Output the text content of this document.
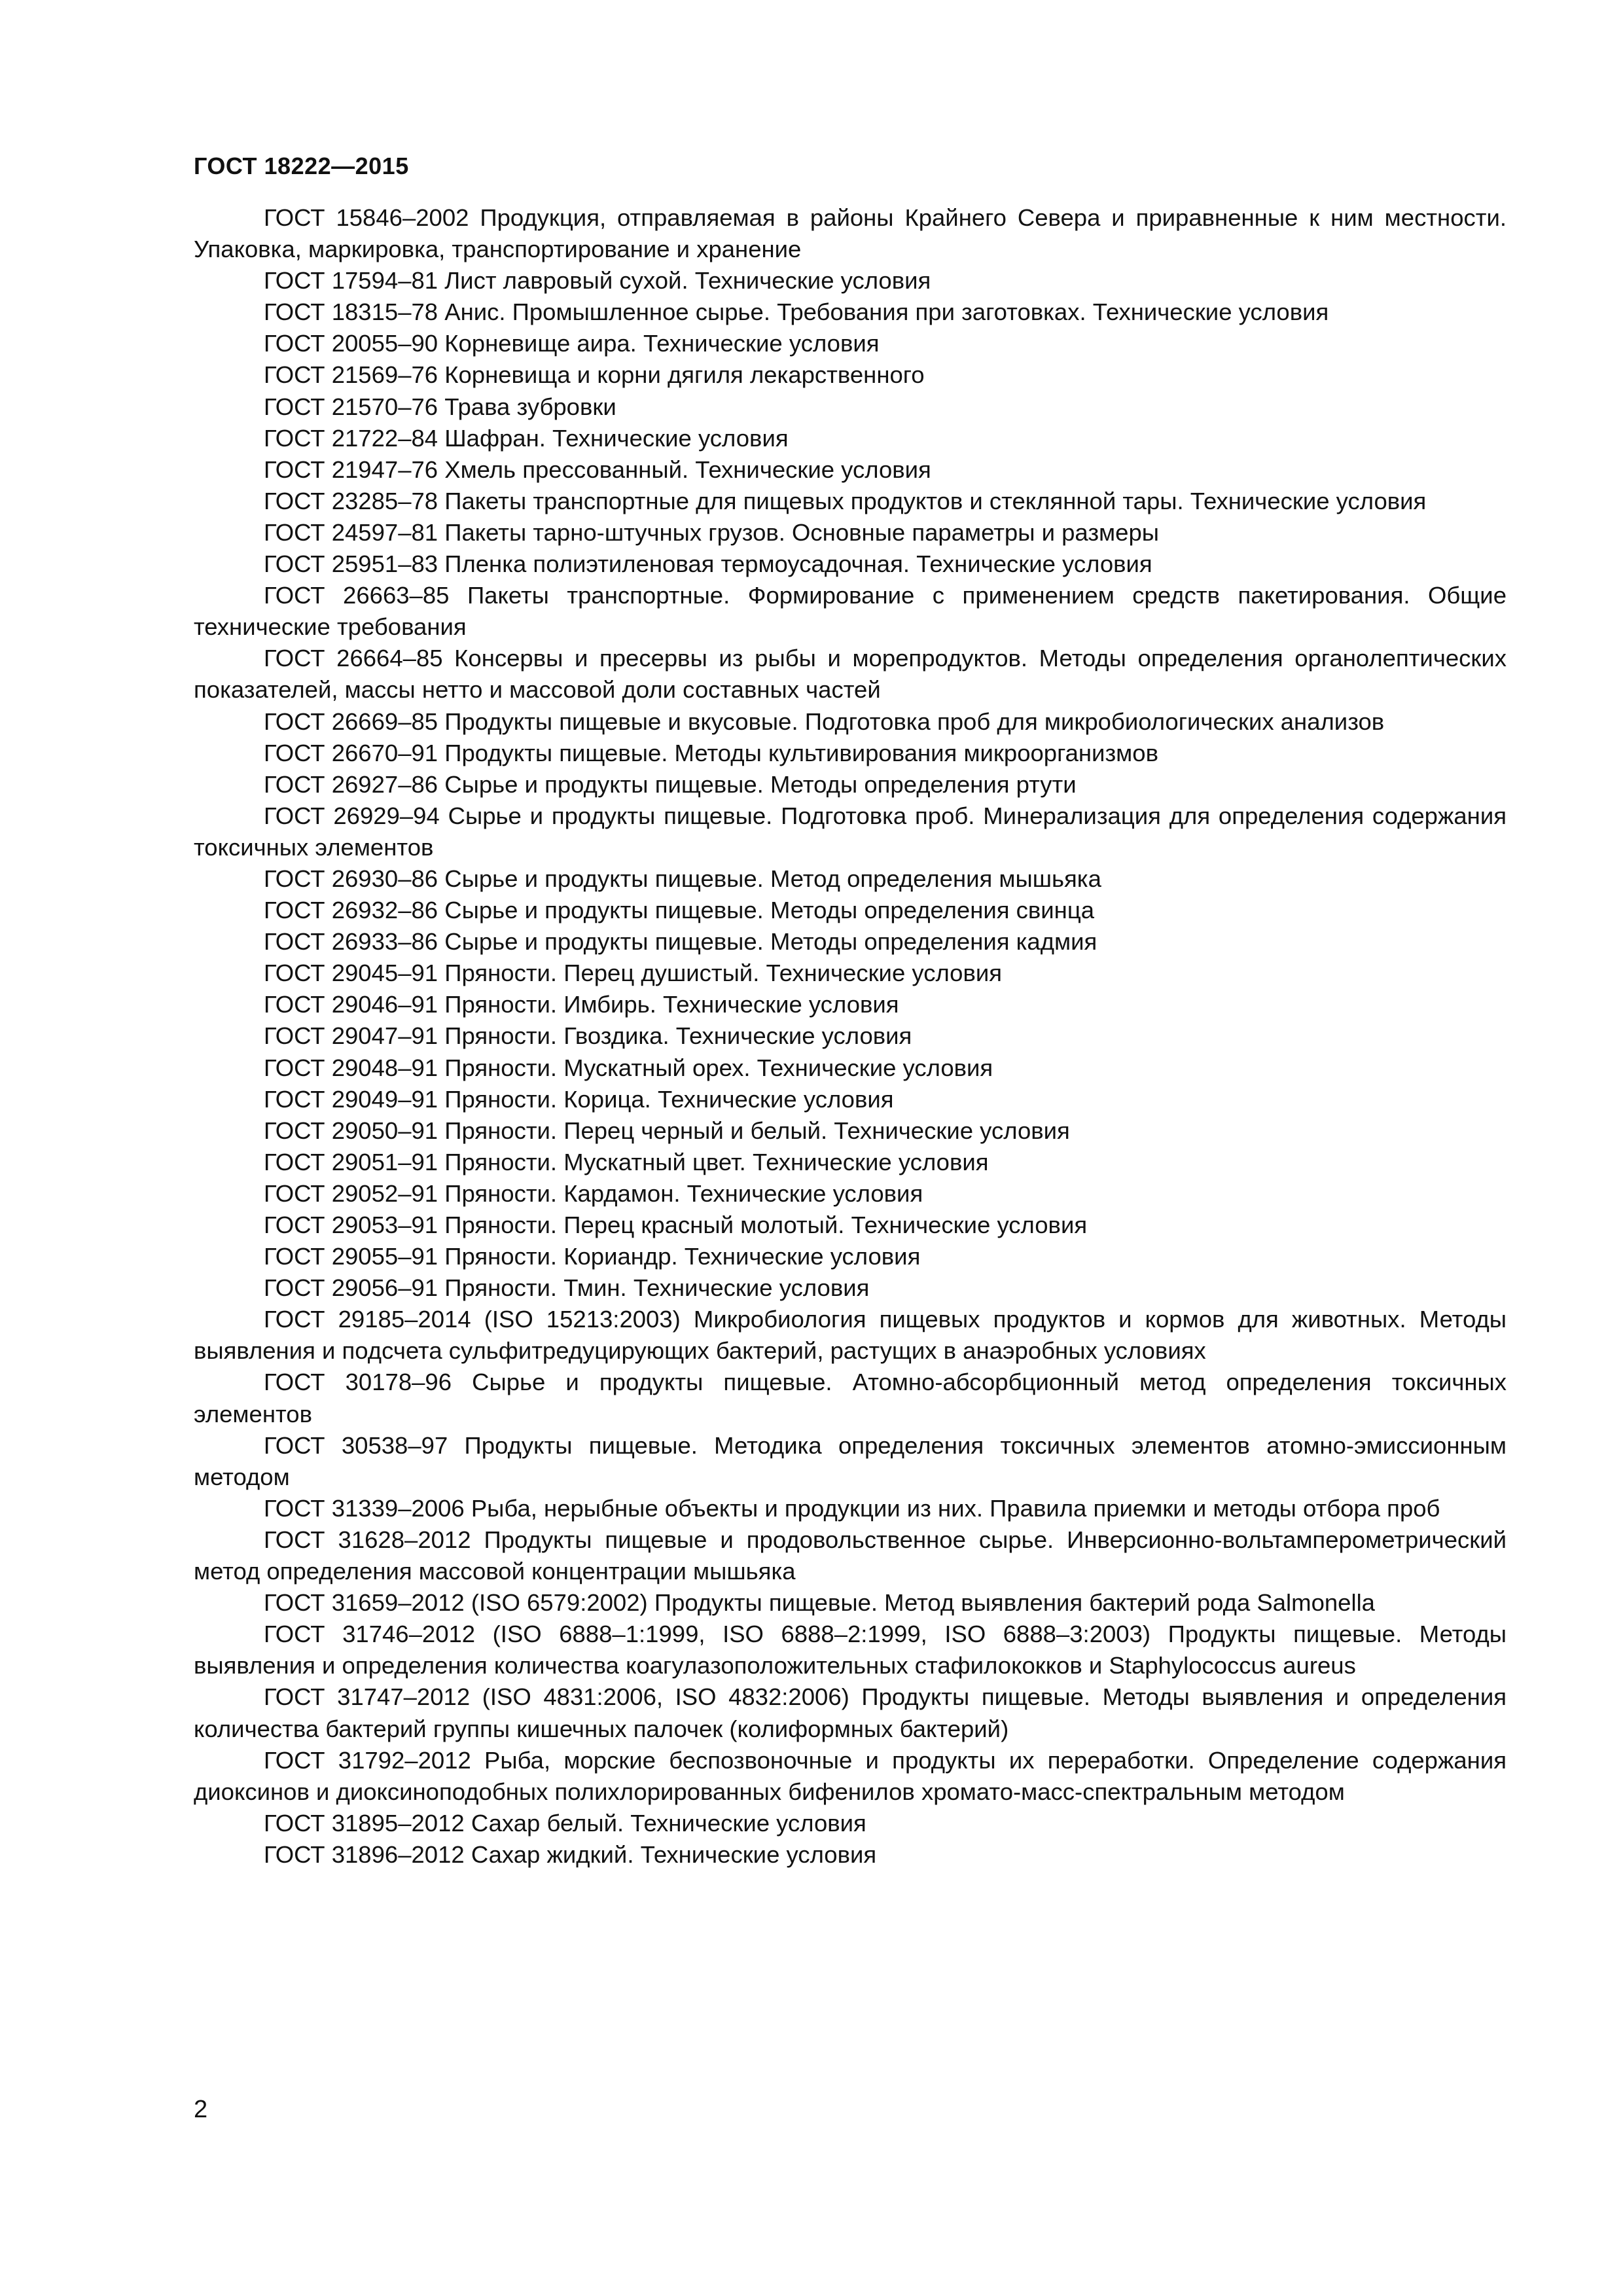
ГОСТ 18222—2015

ГОСТ 15846–2002 Продукция, отправляемая в районы Крайнего Севера и приравненные к ним местности. Упаковка, маркировка, транспортирование и хранение

ГОСТ 17594–81 Лист лавровый сухой. Технические условия

ГОСТ 18315–78 Анис. Промышленное сырье. Требования при заготовках. Технические условия

ГОСТ 20055–90 Корневище аира. Технические условия

ГОСТ 21569–76 Корневища и корни дягиля лекарственного

ГОСТ 21570–76 Трава зубровки

ГОСТ 21722–84 Шафран. Технические условия

ГОСТ 21947–76 Хмель прессованный. Технические условия

ГОСТ 23285–78 Пакеты транспортные для пищевых продуктов и стеклянной тары. Технические условия

ГОСТ 24597–81 Пакеты тарно-штучных грузов. Основные параметры и размеры

ГОСТ 25951–83 Пленка полиэтиленовая термоусадочная. Технические условия

ГОСТ 26663–85 Пакеты транспортные. Формирование с применением средств пакетирования. Общие технические требования

ГОСТ 26664–85 Консервы и пресервы из рыбы и морепродуктов. Методы определения органолептических показателей, массы нетто и массовой доли составных частей

ГОСТ 26669–85 Продукты пищевые и вкусовые. Подготовка проб для микробиологических анализов

ГОСТ 26670–91 Продукты пищевые. Методы культивирования микроорганизмов

ГОСТ 26927–86 Сырье и продукты пищевые. Методы определения ртути

ГОСТ 26929–94 Сырье и продукты пищевые. Подготовка проб. Минерализация для определения содержания токсичных элементов

ГОСТ 26930–86 Сырье и продукты пищевые. Метод определения мышьяка

ГОСТ 26932–86 Сырье и продукты пищевые. Методы определения свинца

ГОСТ 26933–86 Сырье и продукты пищевые. Методы определения кадмия

ГОСТ 29045–91 Пряности. Перец душистый. Технические условия

ГОСТ 29046–91 Пряности. Имбирь. Технические условия

ГОСТ 29047–91 Пряности. Гвоздика. Технические условия

ГОСТ 29048–91 Пряности. Мускатный орех. Технические условия

ГОСТ 29049–91 Пряности. Корица. Технические условия

ГОСТ 29050–91 Пряности. Перец черный и белый. Технические условия

ГОСТ 29051–91 Пряности. Мускатный цвет. Технические условия

ГОСТ 29052–91 Пряности. Кардамон. Технические условия

ГОСТ 29053–91 Пряности. Перец красный молотый. Технические условия

ГОСТ 29055–91 Пряности. Кориандр. Технические условия

ГОСТ 29056–91 Пряности. Тмин. Технические условия

ГОСТ 29185–2014 (ISO 15213:2003) Микробиология пищевых продуктов и кормов для животных. Методы выявления и подсчета сульфитредуцирующих бактерий, растущих в анаэробных условиях

ГОСТ 30178–96 Сырье и продукты пищевые. Атомно-абсорбционный метод определения токсичных элементов

ГОСТ 30538–97 Продукты пищевые. Методика определения токсичных элементов атомно-эмиссионным методом

ГОСТ 31339–2006 Рыба, нерыбные объекты и продукции из них. Правила приемки и методы отбора проб

ГОСТ 31628–2012 Продукты пищевые и продовольственное сырье. Инверсионно-вольтамперометрический метод определения массовой концентрации мышьяка

ГОСТ 31659–2012 (ISO 6579:2002) Продукты пищевые. Метод выявления бактерий рода Salmonella

ГОСТ 31746–2012 (ISO 6888–1:1999, ISO 6888–2:1999, ISO 6888–3:2003) Продукты пищевые. Методы выявления и определения количества коагулазоположительных стафилококков и Staphylococcus aureus

ГОСТ 31747–2012 (ISO 4831:2006, ISO 4832:2006) Продукты пищевые. Методы выявления и определения количества бактерий группы кишечных палочек (колиформных бактерий)

ГОСТ 31792–2012 Рыба, морские беспозвоночные и продукты их переработки. Определение содержания диоксинов и диоксиноподобных полихлорированных бифенилов хромато-масс-спектральным методом

ГОСТ 31895–2012 Сахар белый. Технические условия

ГОСТ 31896–2012 Сахар жидкий. Технические условия

2
